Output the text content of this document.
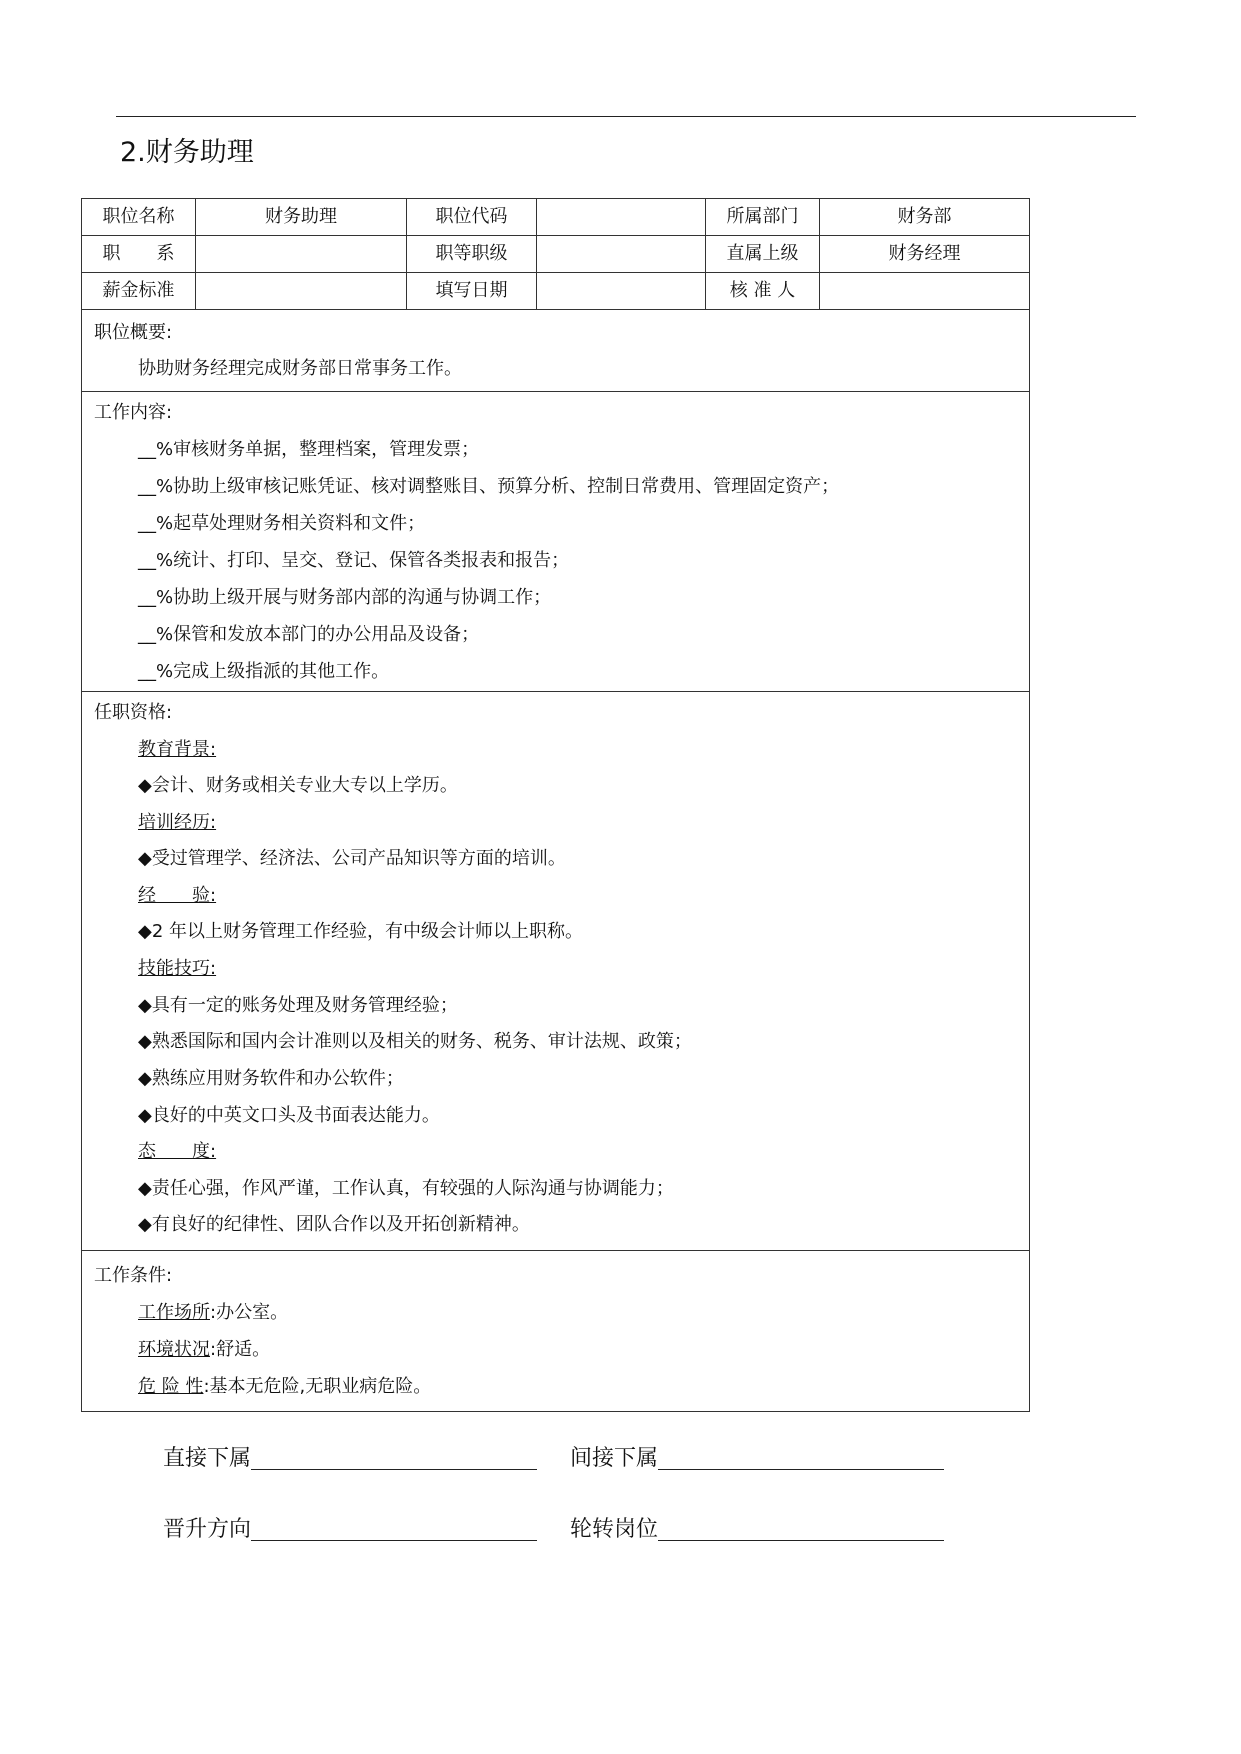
2.财务助理
职位名称	财务助理	职位代码		所属部门	财务部
职　　系		职等职级		直属上级	财务经理
薪金标准		填写日期		核 准 人	
职位概要:
协助财务经理完成财务部日常事务工作。
工作内容:
__%审核财务单据，整理档案，管理发票；
__%协助上级审核记账凭证、核对调整账目、预算分析、控制日常费用、管理固定资产；
__%起草处理财务相关资料和文件；
__%统计、打印、呈交、登记、保管各类报表和报告；
__%协助上级开展与财务部内部的沟通与协调工作；
__%保管和发放本部门的办公用品及设备；
__%完成上级指派的其他工作。
任职资格:
教育背景:
◆会计、财务或相关专业大专以上学历。
培训经历:
◆受过管理学、经济法、公司产品知识等方面的培训。
经　　验:
◆2 年以上财务管理工作经验，有中级会计师以上职称。
技能技巧:
◆具有一定的账务处理及财务管理经验；
◆熟悉国际和国内会计准则以及相关的财务、税务、审计法规、政策；
◆熟练应用财务软件和办公软件；
◆良好的中英文口头及书面表达能力。
态　　度:
◆责任心强，作风严谨，工作认真，有较强的人际沟通与协调能力；
◆有良好的纪律性、团队合作以及开拓创新精神。
工作条件:
工作场所:办公室。
环境状况:舒适。
危 险 性:基本无危险,无职业病危险。
直接下属	间接下属
晋升方向	轮转岗位
